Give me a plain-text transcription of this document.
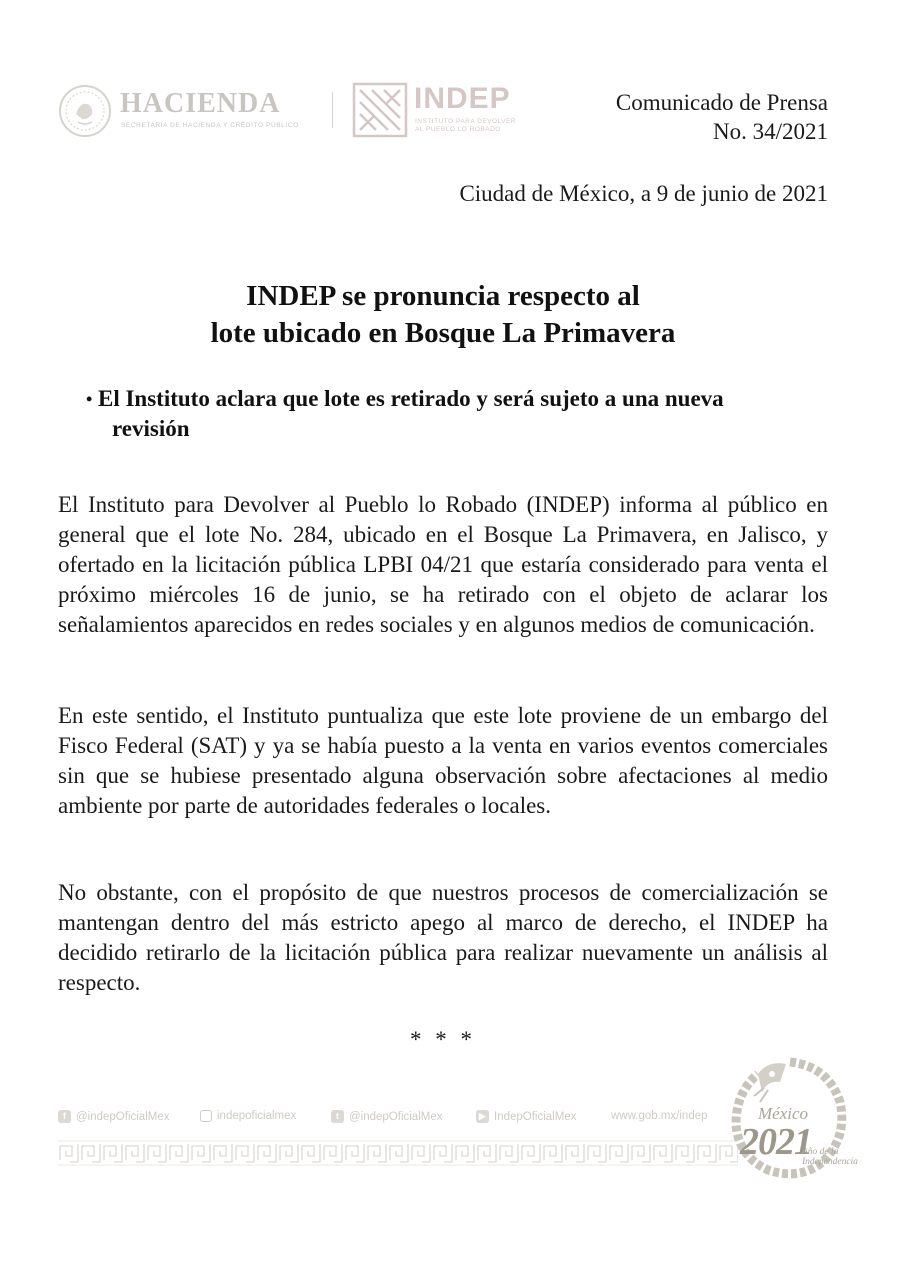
HACIENDA
SECRETARÍA DE HACIENDA Y CRÉDITO PÚBLICO
INDEP
INSTITUTO PARA DEVOLVER
AL PUEBLO LO ROBADO
Comunicado de Prensa
No. 34/2021
Ciudad de México, a 9 de junio de 2021
INDEP se pronuncia respecto al
lote ubicado en Bosque La Primavera
• El Instituto aclara que lote es retirado y será sujeto a una nueva
revisión

El Instituto para Devolver al Pueblo lo Robado (INDEP) informa al público en general que el lote No. 284, ubicado en el Bosque La Primavera, en Jalisco, y ofertado en la licitación pública LPBI 04/21 que estaría considerado para venta el próximo miércoles 16 de junio, se ha retirado con el objeto de aclarar los señalamientos aparecidos en redes sociales y en algunos medios de comunicación.

En este sentido, el Instituto puntualiza que este lote proviene de un embargo del Fisco Federal (SAT) y ya se había puesto a la venta en varios eventos comerciales sin que se hubiese presentado alguna observación sobre afectaciones al medio ambiente por parte de autoridades federales o locales.

No obstante, con el propósito de que nuestros procesos de comercialización se mantengan dentro del más estricto apego al marco de derecho, el INDEP ha decidido retirarlo de la licitación pública para realizar nuevamente un análisis al respecto.

* * *
f @indepOficialMex	indepoficialmex	t @indepOficialMex	▶ IndepOficialMex	www.gob.mx/indep	México
2021
Año de la
Independencia
